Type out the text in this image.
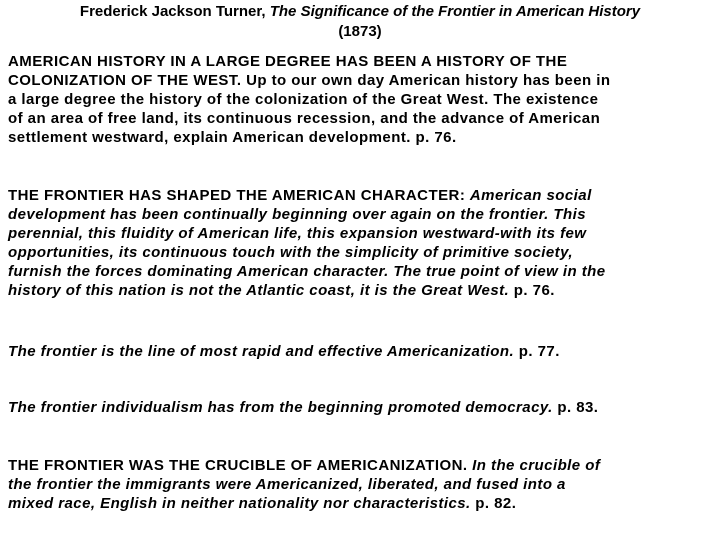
Frederick Jackson Turner, The Significance of the Frontier in American History
(1873)
AMERICAN HISTORY IN A LARGE DEGREE HAS BEEN A HISTORY OF THE
COLONIZATION OF THE WEST. Up to our own day American history has been in
a large degree the history of the colonization of the Great West. The existence
of an area of free land, its continuous recession, and the advance of American
settlement westward, explain American development. p. 76.
THE FRONTIER HAS SHAPED THE AMERICAN CHARACTER: American social
development has been continually beginning over again on the frontier. This
perennial, this fluidity of American life, this expansion westward-with its few
opportunities, its continuous touch with the simplicity of primitive society,
furnish the forces dominating American character. The true point of view in the
history of this nation is not the Atlantic coast, it is the Great West. p. 76.
The frontier is the line of most rapid and effective Americanization. p. 77.
The frontier individualism has from the beginning promoted democracy. p. 83.
THE FRONTIER WAS THE CRUCIBLE OF AMERICANIZATION. In the crucible of
the frontier the immigrants were Americanized, liberated, and fused into a
mixed race, English in neither nationality nor characteristics. p. 82.
